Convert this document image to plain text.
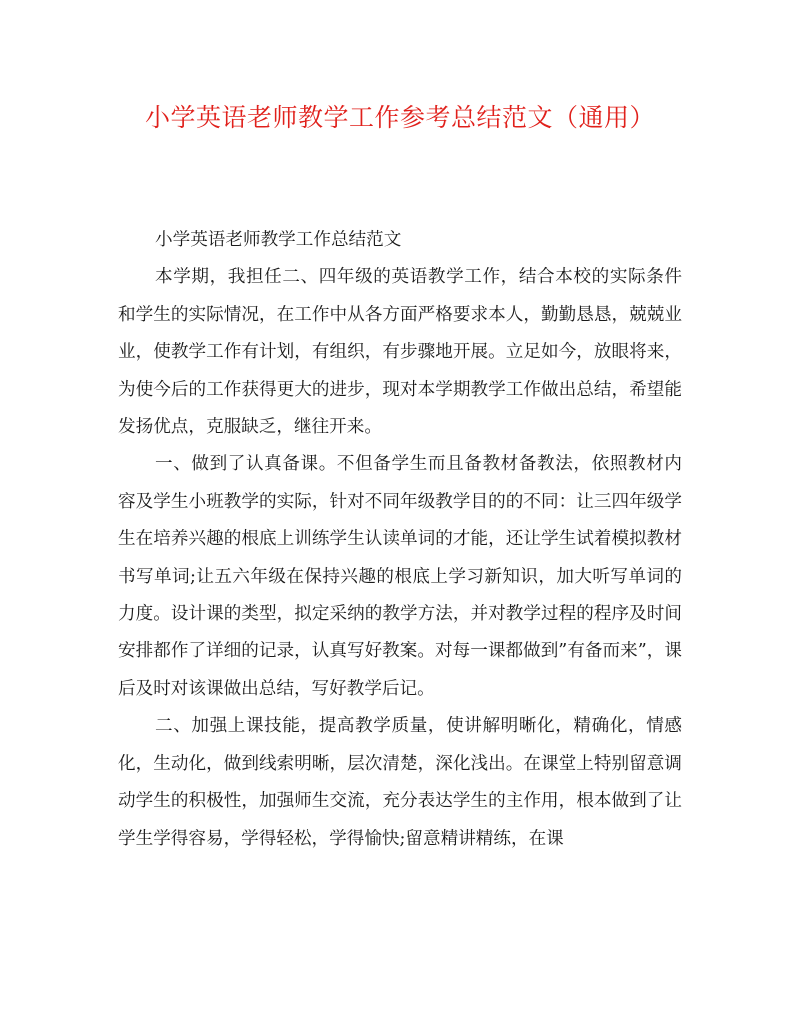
小学英语老师教学工作参考总结范文（通用）

小学英语老师教学工作总结范文

本学期，我担任二、四年级的英语教学工作，结合本校的实际条件和学生的实际情况，在工作中从各方面严格要求本人，勤勤恳恳，兢兢业业，使教学工作有计划，有组织，有步骤地开展。立足如今，放眼将来，为使今后的工作获得更大的进步，现对本学期教学工作做出总结，希望能发扬优点，克服缺乏，继往开来。

一、做到了认真备课。不但备学生而且备教材备教法，依照教材内容及学生小班教学的实际，针对不同年级教学目的的不同：让三四年级学生在培养兴趣的根底上训练学生认读单词的才能，还让学生试着模拟教材书写单词;让五六年级在保持兴趣的根底上学习新知识，加大听写单词的力度。设计课的类型，拟定采纳的教学方法，并对教学过程的程序及时间安排都作了详细的记录，认真写好教案。对每一课都做到”有备而来”，课后及时对该课做出总结，写好教学后记。

二、加强上课技能，提高教学质量，使讲解明晰化，精确化，情感化，生动化，做到线索明晰，层次清楚，深化浅出。在课堂上特别留意调动学生的积极性，加强师生交流，充分表达学生的主作用，根本做到了让学生学得容易，学得轻松，学得愉快;留意精讲精练，在课
